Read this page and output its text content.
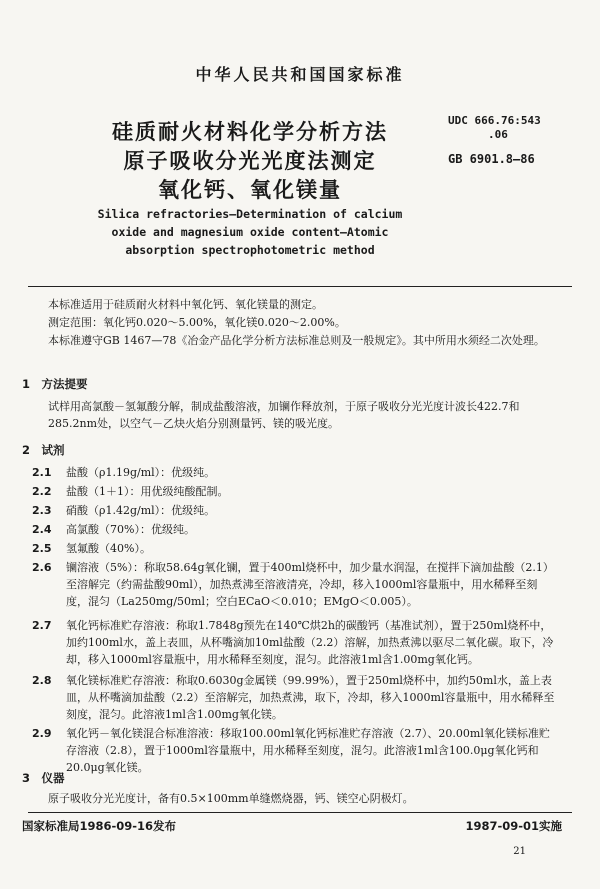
中华人民共和国国家标准
硅质耐火材料化学分析方法
原子吸收分光光度法测定
氧化钙、氧化镁量
UDC 666.76:543
.06
GB 6901.8—86
Silica refractories—Determination of calcium
oxide and magnesium oxide content—Atomic
absorption spectrophotometric method
本标准适用于硅质耐火材料中氧化钙、氧化镁量的测定。
测定范围：氧化钙0.020～5.00%，氧化镁0.020～2.00%。
本标准遵守GB 1467—78《冶金产品化学分析方法标准总则及一般规定》。其中所用水须经二次处理。
1　方法提要
试样用高氯酸－氢氟酸分解，制成盐酸溶液，加镧作释放剂，于原子吸收分光光度计波长422.7和285.2nm处，以空气－乙炔火焰分别测量钙、镁的吸光度。
2　试剂
2.1	盐酸（ρ1.19g/ml）：优级纯。
2.2	盐酸（1＋1）：用优级纯酸配制。
2.3	硝酸（ρ1.42g/ml）：优级纯。
2.4	高氯酸（70%）：优级纯。
2.5	氢氟酸（40%）。
2.6	镧溶液（5%）：称取58.64g氧化镧，置于400ml烧杯中，加少量水润湿，在搅拌下滴加盐酸（2.1）至溶解完（约需盐酸90ml），加热煮沸至溶液清亮，冷却，移入1000ml容量瓶中，用水稀释至刻度，混匀（La250mg/50ml；空白ECaO＜0.010；EMgO＜0.005）。
2.7	氧化钙标准贮存溶液：称取1.7848g预先在140℃烘2h的碳酸钙（基准试剂），置于250ml烧杯中，加约100ml水，盖上表皿，从杯嘴滴加10ml盐酸（2.2）溶解，加热煮沸以驱尽二氧化碳。取下，冷却，移入1000ml容量瓶中，用水稀释至刻度，混匀。此溶液1ml含1.00mg氧化钙。
2.8	氧化镁标准贮存溶液：称取0.6030g金属镁（99.99%），置于250ml烧杯中，加约50ml水，盖上表皿，从杯嘴滴加盐酸（2.2）至溶解完，加热煮沸，取下，冷却，移入1000ml容量瓶中，用水稀释至刻度，混匀。此溶液1ml含1.00mg氧化镁。
2.9	氧化钙－氧化镁混合标准溶液：移取100.00ml氧化钙标准贮存溶液（2.7）、20.00ml氧化镁标准贮存溶液（2.8），置于1000ml容量瓶中，用水稀释至刻度，混匀。此溶液1ml含100.0μg氧化钙和20.0μg氧化镁。
3　仪器
原子吸收分光光度计，备有0.5×100mm单缝燃烧器，钙、镁空心阴极灯。
国家标准局1986-09-16发布	1987-09-01实施
21
